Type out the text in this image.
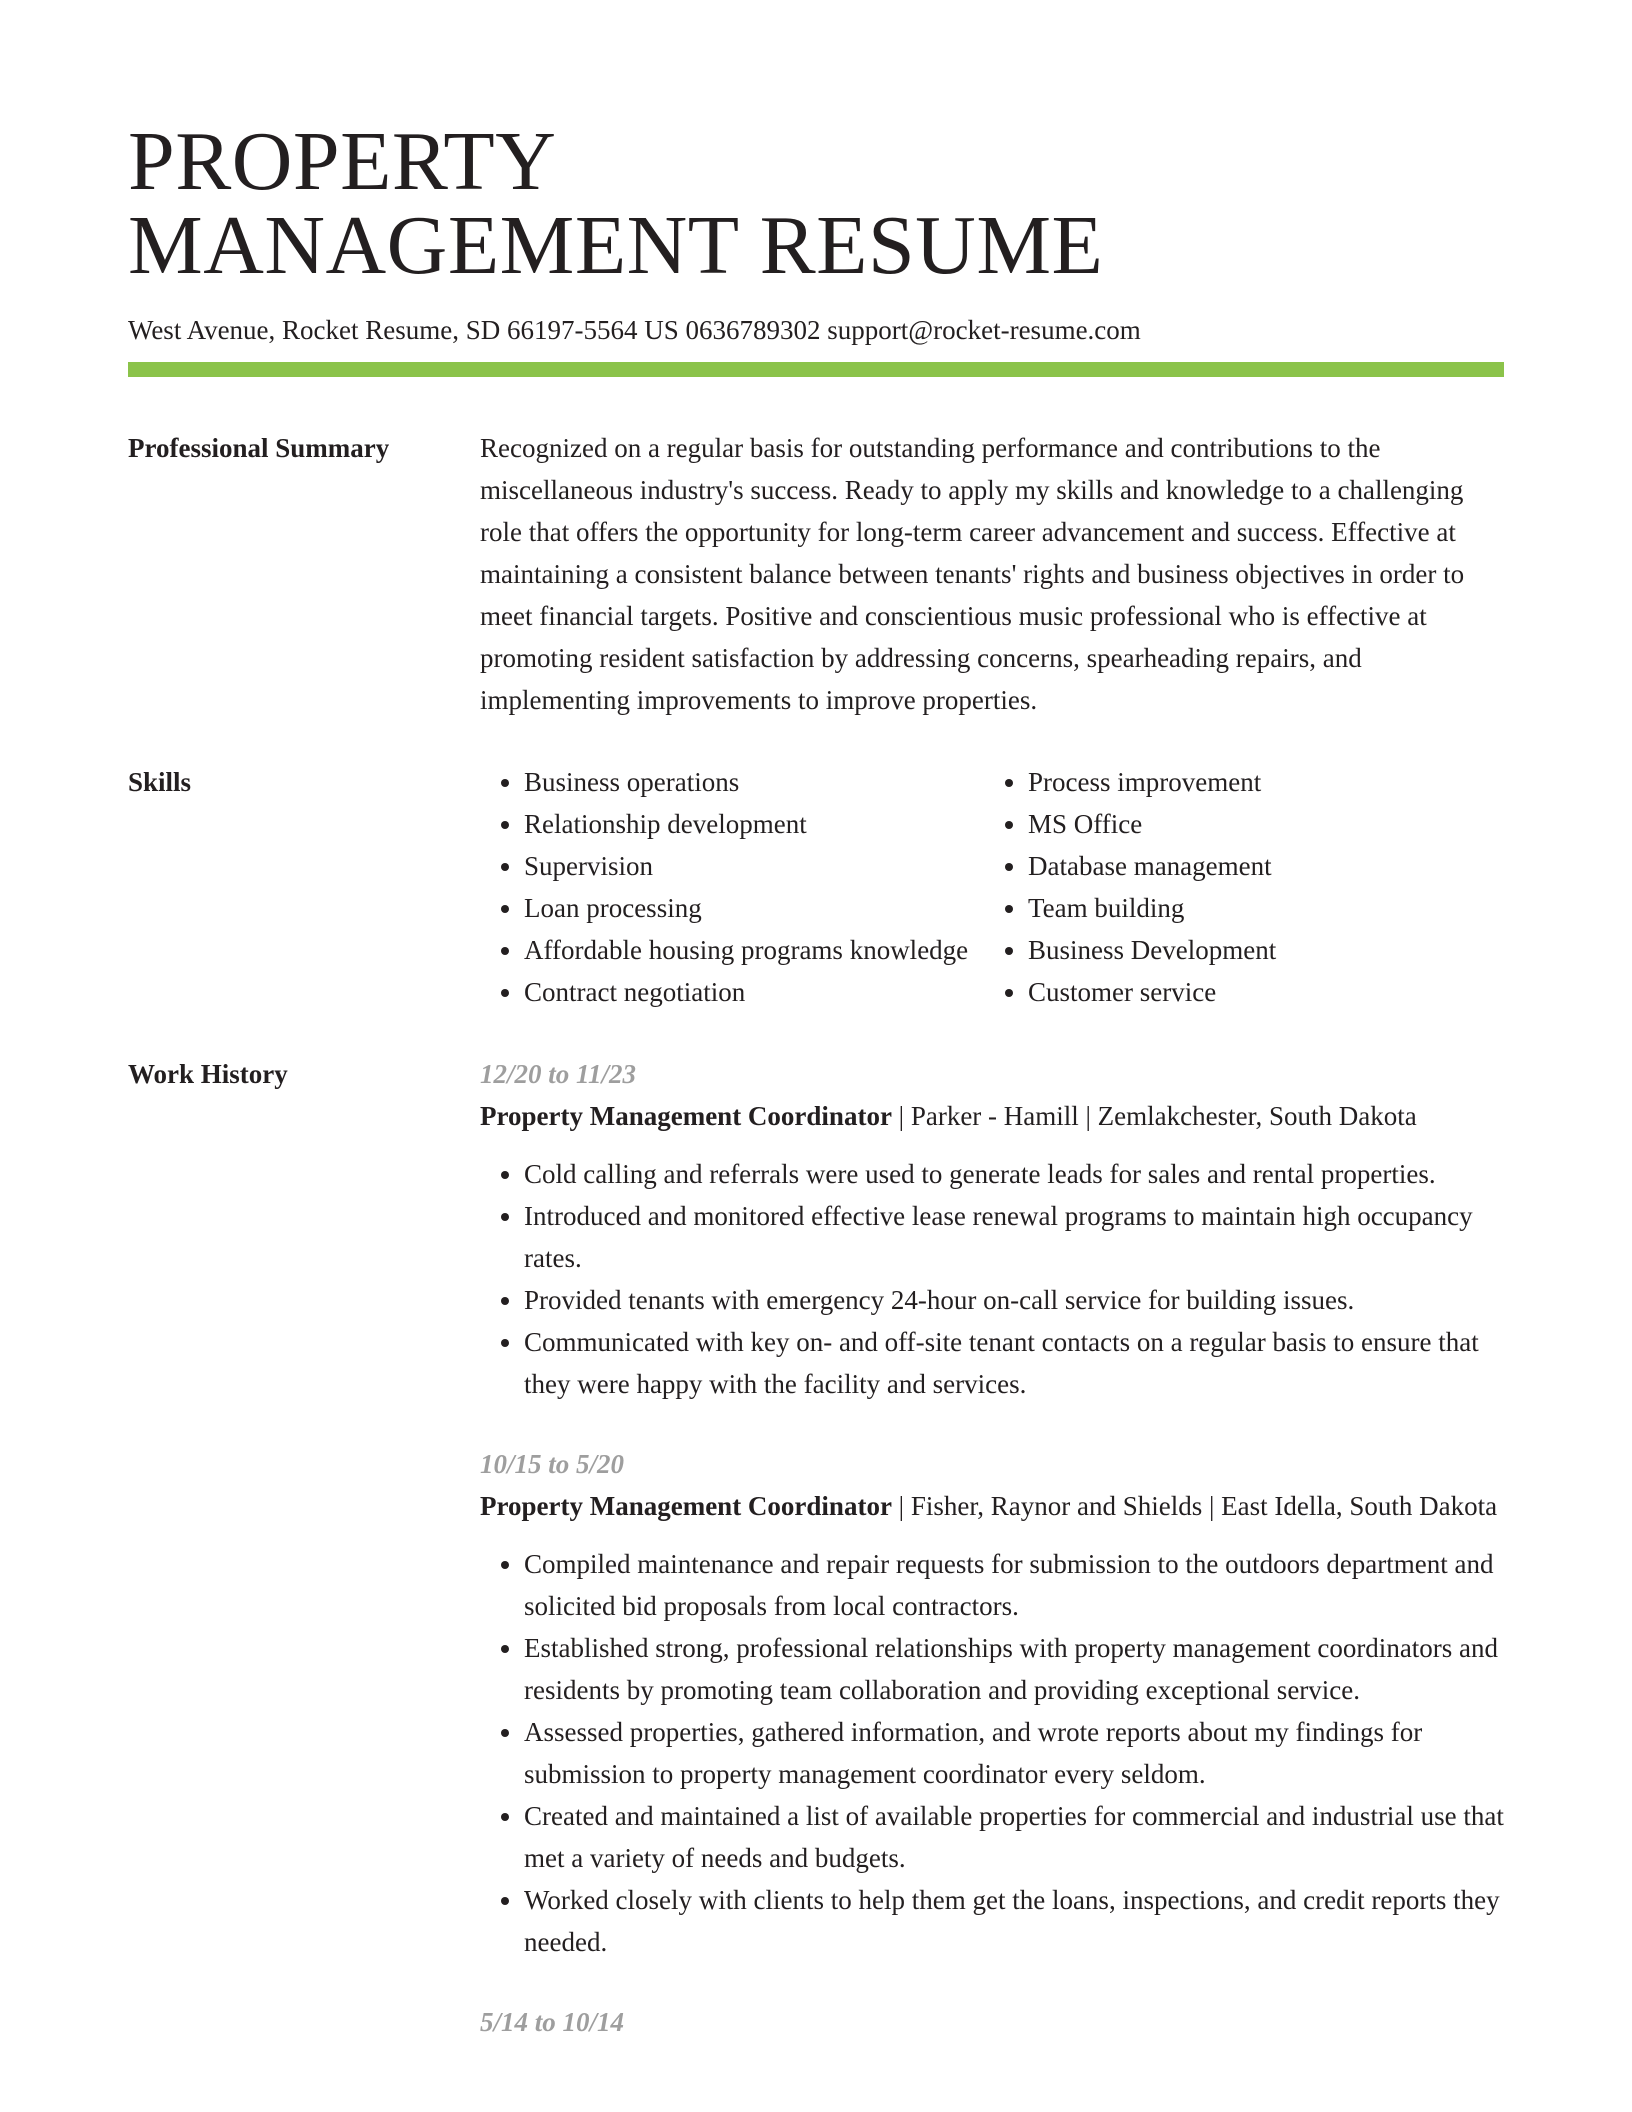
PROPERTY
MANAGEMENT RESUME
West Avenue, Rocket Resume, SD 66197-5564 US 0636789302 support@rocket-resume.com
Professional Summary	Recognized on a regular basis for outstanding performance and contributions to the miscellaneous industry's success. Ready to apply my skills and knowledge to a challenging role that offers the opportunity for long-term career advancement and success. Effective at maintaining a consistent balance between tenants' rights and business objectives in order to meet financial targets. Positive and conscientious music professional who is effective at promoting resident satisfaction by addressing concerns, spearheading repairs, and implementing improvements to improve properties.

Skills
•	Business operations
• Relationship development
• Supervision
• Loan processing
• Affordable housing programs knowledge
• Contract negotiation
• Process improvement
• MS Office
• Database management
• Team building
• Business Development
• Customer service
Work History	12/20 to 11/23
Property Management Coordinator | Parker - Hamill | Zemlakchester, South Dakota
• Cold calling and referrals were used to generate leads for sales and rental properties.
• Introduced and monitored effective lease renewal programs to maintain high occupancy rates.
• Provided tenants with emergency 24-hour on-call service for building issues.
• Communicated with key on- and off-site tenant contacts on a regular basis to ensure that they were happy with the facility and services.
10/15 to 5/20
Property Management Coordinator | Fisher, Raynor and Shields | East Idella, South Dakota
• Compiled maintenance and repair requests for submission to the outdoors department and solicited bid proposals from local contractors.
• Established strong, professional relationships with property management coordinators and residents by promoting team collaboration and providing exceptional service.
• Assessed properties, gathered information, and wrote reports about my findings for submission to property management coordinator every seldom.
• Created and maintained a list of available properties for commercial and industrial use that met a variety of needs and budgets.
• Worked closely with clients to help them get the loans, inspections, and credit reports they needed.
5/14 to 10/14
